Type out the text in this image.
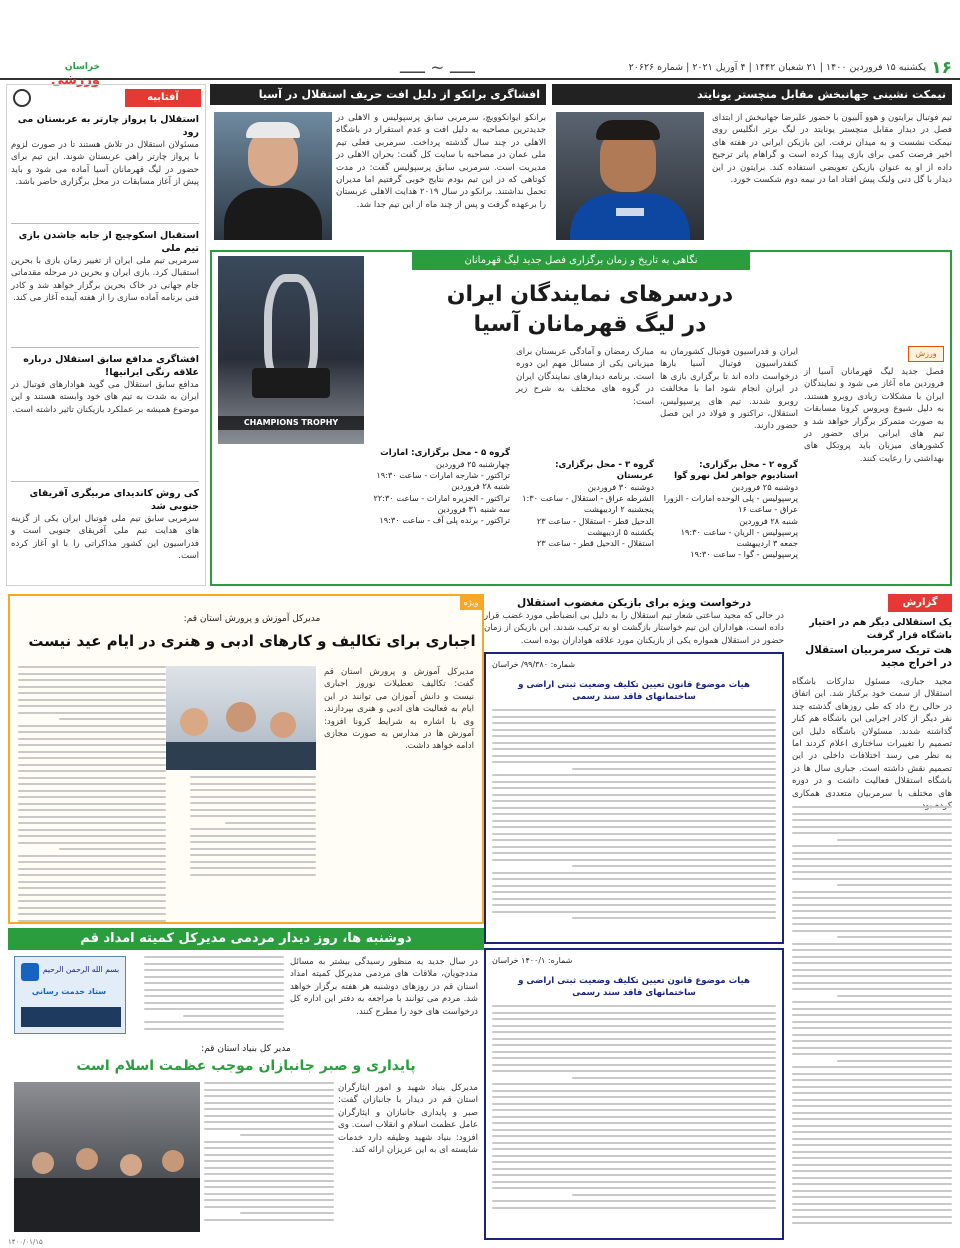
۱۶
یکشنبه ۱۵ فروردین ۱۴۰۰ | ۲۱ شعبان ۱۴۴۲ | ۴ آوریل ۲۰۲۱ | شماره ۲۰۶۲۶
ـــــ ~ ـــــ
خراسان ورزشی
نیمکت نشینی جهانبخش مقابل منچستر یونایتد
تیم فوتبال برایتون و هوو آلبیون با حضور علیرضا جهانبخش از ابتدای فصل در دیدار مقابل منچستر یونایتد در لیگ برتر انگلیس روی نیمکت نشست و به میدان نرفت. این بازیکن ایرانی در هفته های اخیر فرصت کمی برای بازی پیدا کرده است و گراهام پاتر ترجیح داده از او به عنوان بازیکن تعویضی استفاده کند. برایتون در این دیدار با گل دنی ولبک پیش افتاد اما در نیمه دوم شکست خورد.
افشاگری برانکو از دلیل افت حریف استقلال در آسیا
برانکو ایوانکوویچ، سرمربی سابق پرسپولیس و الاهلی در جدیدترین مصاحبه به دلیل افت و عدم استقرار در باشگاه الاهلی در چند سال گذشته پرداخت. سرمربی فعلی تیم ملی عمان در مصاحبه با سایت کل گفت: بحران الاهلی در مدیریت است. سرمربی سابق پرسپولیس گفت: در مدت کوتاهی که در این تیم بودم نتایج خوبی گرفتیم اما مدیران تحمل نداشتند. برانکو در سال ۲۰۱۹ هدایت الاهلی عربستان را برعهده گرفت و پس از چند ماه از این تیم جدا شد.
آفتابیه
استقلال با پرواز چارتر به عربستان می رود
مسئولان استقلال در تلاش هستند تا در صورت لزوم با پرواز چارتر راهی عربستان شوند. این تیم برای حضور در لیگ قهرمانان آسیا آماده می شود و باید پیش از آغاز مسابقات در محل برگزاری حاضر باشد.
استقبال اسکوچیچ از جابه جاشدن بازی تیم ملی
سرمربی تیم ملی ایران از تغییر زمان بازی با بحرین استقبال کرد. بازی ایران و بحرین در مرحله مقدماتی جام جهانی در خاک بحرین برگزار خواهد شد و کادر فنی برنامه آماده سازی را از هفته آینده آغاز می کند.
افشاگری مدافع سابق استقلال درباره علاقه رنگی ایرانیها!
مدافع سابق استقلال می گوید هوادارهای فوتبال در ایران به شدت به تیم های خود وابسته هستند و این موضوع همیشه بر عملکرد بازیکنان تاثیر داشته است.
کی روش کاندیدای مربیگری آفریقای جنوبی شد
سرمربی سابق تیم ملی فوتبال ایران یکی از گزینه های هدایت تیم ملی آفریقای جنوبی است و فدراسیون این کشور مذاکراتی را با او آغاز کرده است.
نگاهی به تاریخ و زمان برگزاری فصل جدید لیگ قهرمانان
دردسرهای نمایندگان ایران
در لیگ قهرمانان آسیا
ورزش
فصل جدید لیگ قهرمانان آسیا از فروردین ماه آغاز می شود و نمایندگان ایران با مشکلات زیادی روبرو هستند. به دلیل شیوع ویروس کرونا مسابقات به صورت متمرکز برگزار خواهد شد و تیم های ایرانی برای حضور در کشورهای میزبان باید پروتکل های بهداشتی را رعایت کنند.
ایران و فدراسیون فوتبال کشورمان به کنفدراسیون فوتبال آسیا بارها درخواست داده اند تا برگزاری بازی ها در ایران انجام شود اما با مخالفت روبرو شدند. تیم های پرسپولیس، استقلال، تراکتور و فولاد در این فصل حضور دارند.
مبارک رمضان و آمادگی عربستان برای میزبانی یکی از مسائل مهم این دوره است. برنامه دیدارهای نمایندگان ایران در گروه های مختلف به شرح زیر است:
گروه ۲ - محل برگزاری: استادیوم جواهر لعل نهرو گوا
دوشنبه ۲۵ فروردین
پرسپولیس - پلی الوحده امارات - الزورا عراق - ساعت ۱۶
شنبه ۲۸ فروردین
پرسپولیس - الریان - ساعت ۱۹:۳۰
جمعه ۳ اردیبهشت
پرسپولیس - گوا - ساعت ۱۹:۳۰
گروه ۳ - محل برگزاری: عربستان
دوشنبه ۳۰ فروردین
الشرطه عراق - استقلال - ساعت ۱:۳۰
پنجشنبه ۲ اردیبهشت
الدحیل قطر - استقلال - ساعت ۲۳
یکشنبه ۵ اردیبهشت
استقلال - الدحیل قطر - ساعت ۲۳
گروه ۵ - محل برگزاری: امارات
چهارشنبه ۲۵ فروردین
تراکتور - شارجه امارات - ساعت ۱۹:۳۰
شنبه ۲۸ فروردین
تراکتور - الجزیره امارات - ساعت ۲۲:۳۰
سه شنبه ۳۱ فروردین
تراکتور - برنده پلی آف - ساعت ۱۹:۳۰
CHAMPIONS TROPHY
گزارش
یک استقلالی دیگر هم در اختیار باشگاه قرار گرفت
هت تریک سرمربیان استقلال در اخراج مجید
مجید جباری، مسئول تدارکات باشگاه استقلال از سمت خود برکنار شد. این اتفاق در حالی رخ داد که طی روزهای گذشته چند نفر دیگر از کادر اجرایی این باشگاه هم کنار گذاشته شدند. مسئولان باشگاه دلیل این تصمیم را تغییرات ساختاری اعلام کردند اما به نظر می رسد اختلافات داخلی در این تصمیم نقش داشته است. جباری سال ها در باشگاه استقلال فعالیت داشت و در دوره های مختلف با سرمربیان متعددی همکاری
درخواست ویژه برای بازیکن مغضوب استقلال
در حالی که مجید ساعتی شعار تیم استقلال را به دلیل بی انضباطی مورد غضب قرار داده است، هواداران این تیم خواستار بازگشت او به ترکیب شدند. این بازیکن از زمان حضور در استقلال همواره یکی از بازیکنان مورد علاقه هواداران بوده است.
شماره: ۹۹/۳۸۰/ خراسان
هیات موضوع قانون تعیین تکلیف وضعیت ثبتی اراضی و ساختمانهای فاقد سند رسمی
شماره: ۱۴۰۰/۱ خراسان
هیات موضوع قانون تعیین تکلیف وضعیت ثبتی اراضی و ساختمانهای فاقد سند رسمی
ویژه
مدیرکل آموزش و پرورش استان قم:
اجباری برای تکالیف و کارهای ادبی و هنری در ایام عید نیست
مدیرکل آموزش و پرورش استان قم گفت: تکالیف تعطیلات نوروز اجباری نیست و دانش آموزان می توانند در این ایام به فعالیت های ادبی و هنری بپردازند. وی با اشاره به شرایط کرونا افزود: آموزش ها در مدارس به صورت مجازی ادامه خواهد داشت.
دوشنبه ها، روز دیدار مردمی مدیرکل کمیته امداد قم
در سال جدید به منظور رسیدگی بیشتر به مسائل مددجویان، ملاقات های مردمی مدیرکل کمیته امداد استان قم در روزهای دوشنبه هر هفته برگزار خواهد شد. مردم می توانند با مراجعه به دفتر این اداره کل درخواست های خود را مطرح کنند.
بسم الله الرحمن الرحیم
ستاد خدمت رسانی
مدیر کل بنیاد استان قم:
پایداری و صبر جانبازان موجب عظمت اسلام است
مدیرکل بنیاد شهید و امور ایثارگران استان قم در دیدار با جانبازان گفت: صبر و پایداری جانبازان و ایثارگران عامل عظمت اسلام و انقلاب است. وی افزود: بنیاد شهید وظیفه دارد خدمات شایسته ای به این عزیزان ارائه کند.
۱۴۰۰/۰۱/۱۵
